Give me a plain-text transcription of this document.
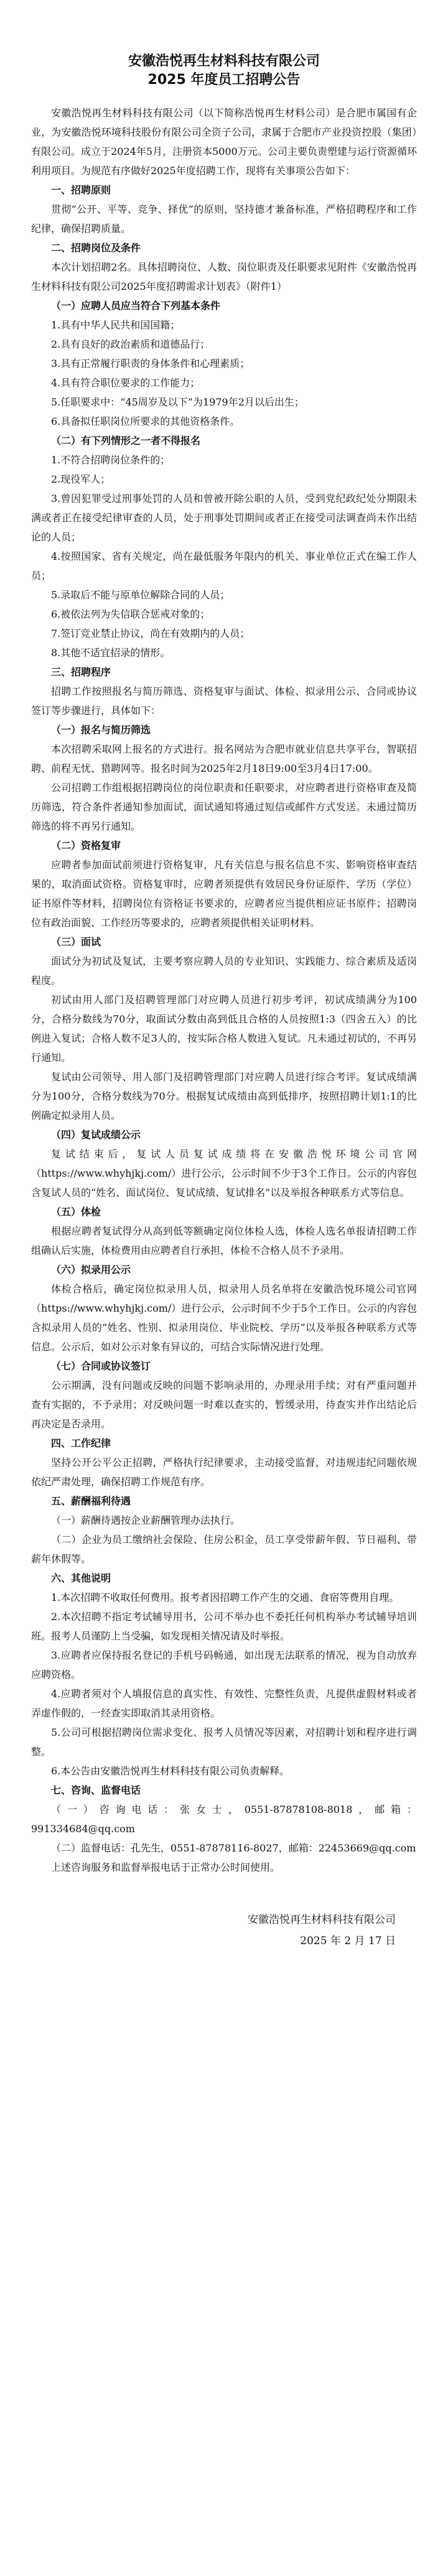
安徽浩悦再生材料科技有限公司
2025 年度员工招聘公告

安徽浩悦再生材料科技有限公司（以下简称浩悦再生材料公司）是合肥市属国有企业，为安徽浩悦环境科技股份有限公司全资子公司，隶属于合肥市产业投资控股（集团）有限公司。成立于2024年5月，注册资本5000万元。公司主要负责塑建与运行资源循环利用项目。为规范有序做好2025年度招聘工作，现将有关事项公告如下：

一、招聘原则

贯彻“公开、平等、竞争、择优”的原则，坚持德才兼备标准，严格招聘程序和工作纪律，确保招聘质量。

二、招聘岗位及条件

本次计划招聘2名。具体招聘岗位、人数、岗位职责及任职要求见附件《安徽浩悦再生材料科技有限公司2025年度招聘需求计划表》（附件1）

（一）应聘人员应当符合下列基本条件

1.具有中华人民共和国国籍；

2.具有良好的政治素质和道德品行；

3.具有正常履行职责的身体条件和心理素质；

4.具有符合职位要求的工作能力；

5.任职要求中：“45周岁及以下”为1979年2月以后出生；

6.具备拟任职岗位所要求的其他资格条件。

（二）有下列情形之一者不得报名

1.不符合招聘岗位条件的；

2.现役军人；

3.曾因犯罪受过刑事处罚的人员和曾被开除公职的人员，受到党纪政纪处分期限未满或者正在接受纪律审查的人员，处于刑事处罚期间或者正在接受司法调查尚未作出结论的人员；

4.按照国家、省有关规定，尚在最低服务年限内的机关、事业单位正式在编工作人员；

5.录取后不能与原单位解除合同的人员；

6.被依法列为失信联合惩戒对象的；

7.签订竞业禁止协议，尚在有效期内的人员；

8.其他不适宜招录的情形。

三、招聘程序

招聘工作按照报名与简历筛选、资格复审与面试、体检、拟录用公示、合同或协议签订等步骤进行，具体如下：

（一）报名与简历筛选

本次招聘采取网上报名的方式进行。报名网站为合肥市就业信息共享平台，智联招聘、前程无忧、猎聘网等。报名时间为2025年2月18日9:00至3月4日17:00。

公司招聘工作组根据招聘岗位的岗位职责和任职要求，对应聘者进行资格审查及简历筛选，符合条件者通知参加面试，面试通知将通过短信或邮件方式发送。未通过简历筛选的将不再另行通知。

（二）资格复审

应聘者参加面试前须进行资格复审，凡有关信息与报名信息不实、影响资格审查结果的，取消面试资格。资格复审时，应聘者须提供有效居民身份证原件、学历（学位）证书原件等材料，招聘岗位有资格证书要求的，应聘者应当提供相应证书原件；招聘岗位有政治面貌、工作经历等要求的，应聘者须提供相关证明材料。

（三）面试

面试分为初试及复试，主要考察应聘人员的专业知识、实践能力、综合素质及适岗程度。

初试由用人部门及招聘管理部门对应聘人员进行初步考评，初试成绩满分为100分，合格分数线为70分，取面试分数由高到低且合格的人员按照1:3（四舍五入）的比例进入复试；合格人数不足3人的，按实际合格人数进入复试。凡未通过初试的，不再另行通知。

复试由公司领导、用人部门及招聘管理部门对应聘人员进行综合考评。复试成绩满分为100分，合格分数线为70分。根据复试成绩由高到低排序，按照招聘计划1:1的比例确定拟录用人员。

（四）复试成绩公示

复试结束后，复试人员复试成绩将在安徽浩悦环境公司官网（https://www.whyhjkj.com/）进行公示，公示时间不少于3个工作日。公示的内容包含复试人员的“姓名、面试岗位、复试成绩、复试排名”以及举报各种联系方式等信息。

（五）体检

根据应聘者复试得分从高到低等额确定岗位体检人选，体检人选名单报请招聘工作组确认后实施，体检费用由应聘者自行承担，体检不合格人员不予录用。

（六）拟录用公示

体检合格后，确定岗位拟录用人员，拟录用人员名单将在安徽浩悦环境公司官网（https://www.whyhjkj.com/）进行公示，公示时间不少于5个工作日。公示的内容包含拟录用人员的“姓名、性别、拟录用岗位、毕业院校、学历”以及举报各种联系方式等信息。公示后，如对公示对象有异议的，可结合实际情况进行处理。

（七）合同或协议签订

公示期满，没有问题或反映的问题不影响录用的，办理录用手续；对有严重问题并查有实据的，不予录用；对反映问题一时难以查实的，暂缓录用，待查实并作出结论后再决定是否录用。

四、工作纪律

坚持公开公平公正招聘，严格执行纪律要求，主动接受监督，对违规违纪问题依规依纪严肃处理，确保招聘工作规范有序。

五、薪酬福利待遇

（一）薪酬待遇按企业薪酬管理办法执行。

（二）企业为员工缴纳社会保险、住房公积金，员工享受带薪年假、节日福利、带薪年休假等。

六、其他说明

1.本次招聘不收取任何费用。报考者因招聘工作产生的交通、食宿等费用自理。

2.本次招聘不指定考试辅导用书，公司不举办也不委托任何机构举办考试辅导培训班。报考人员谨防上当受骗，如发现相关情况请及时举报。

3.应聘者应保持报名登记的手机号码畅通，如出现无法联系的情况，视为自动放弃应聘资格。

4.应聘者须对个人填报信息的真实性、有效性、完整性负责，凡提供虚假材料或者弄虚作假的，一经查实即取消其录用资格。

5.公司可根据招聘岗位需求变化、报考人员情况等因素，对招聘计划和程序进行调整。

6.本公告由安徽浩悦再生材料科技有限公司负责解释。

七、咨询、监督电话

（一）咨询电话：张女士，0551-87878108-8018，邮箱：991334684@qq.com

（二）监督电话：孔先生，0551-87878116-8027，邮箱：22453669@qq.com

上述咨询服务和监督举报电话于正常办公时间使用。

安徽浩悦再生材料科技有限公司
2025 年 2 月 17 日
